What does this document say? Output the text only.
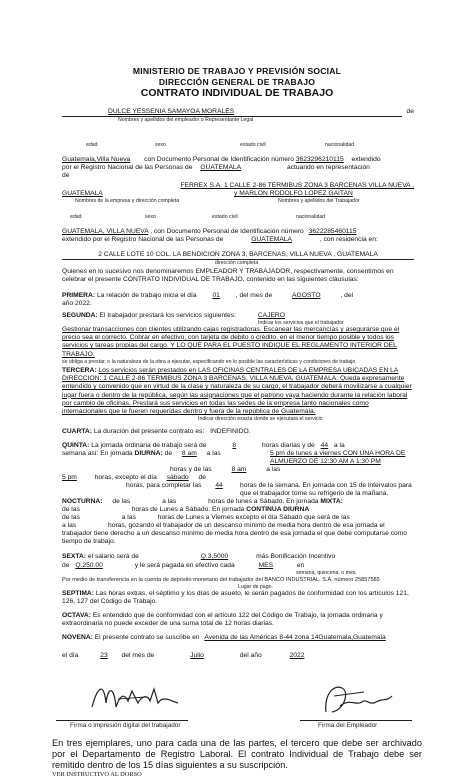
MINISTERIO DE TRABAJO Y PREVISIÓN SOCIAL
DIRECCIÓN GENERAL DE TRABAJO
CONTRATO INDIVIDUAL DE TRABAJO
DULCE YESSENIA SAMAYOA MORALES	de
Nombres y apellidos del empleador o Representante Legal
edad	sexo	estado civil	nacionalidad
Guatemala,Villa Nueva con Documento Personal de Identificación número 3623296210115 extendido
por el Registro Nacional de las Personas de GUATEMALA	actuando en representación
de
FERREX S.A. 1 CALLE 2-86 TERMIBUS ZONA 3 BARCENAS VILLA NUEVA ,
GUATEMALA	y MARLON RODOLFO LOPEZ GAITAN
Nombres de la empresa y dirección completa	Nombres y apellidos del Trabajador
edad	sexo	estado civil	nacionalidad
GUATEMALA, VILLA NUEVA , con Documento Personal de Identificación número 3622285460115
extendido por el Registro Nacional de las Personas de	GUATEMALA	, con residencia en:
2 CALLE LOTE 10 COL. LA BENDICIÓN ZONA 3, BARCENAS, VILLA NUEVA , GUATEMALA
dirección completa
Quienes en lo sucesivo nos denominaremos EMPLEADOR Y TRABAJADOR, respectivamente, consentimos en celebrar el presente CONTRATO INDIVIDUAL DE TRABAJO, contenido en las siguientes cláusulas:
PRIMERA: La relación de trabajo inicia el día 01 , del mes de	AGOSTO	, del
año 2022.
SEGUNDA: El trabajador prestará los servicios siguientes:	CAJERO
Indicar los servicios que el trabajador
Gestionar transacciones con clientes utilizando cajas registradoras. Escanear las mercancías y asegurarse que el precio sea el correcto. Cobrar en efectivo, con tarjeta de debito o crédito, en el menor tiempo posible y todos los servicios y tareas propias del cargo. Y LO QUE PARA EL PUESTO INDIQUE EL REGLAMENTO INTERIOR DEL TRABAJO.
se obliga a prestar, o la naturaleza de la obra a ejecutar, especificando en lo posible las características y condiciones de trabajo.
TERCERA: Los servicios serán prestados en LAS OFICINAS CENTRALES DE LA EMPRESA UBICADAS EN LA DIRECCION: 1 CALLE 2-86 TERMIBUS ZONA 3 BARCENAS, VILLA NUEVA, GUATEMALA. Queda expresamente entendido y convenido que en virtud de la clase y naturaleza de su cargo, el trabajador deberá movilizarse a cualquier lugar fuera o dentro de la república, según las asignaciones que el patrono vaya haciendo durante la relación laboral por cambio de oficinas. Prestará sus servicios en todas las sedes de la empresa tanto nacionales como internacionales que le fueren requeridas dentro y fuera de la república de Guatemala.
Indicar dirección exacta donde se ejecutara el servicio
CUARTA: La duración del presente contrato es: INDEFINIDO.
QUINTA: La jornada ordinaria de trabajo será de	8	horas diarias y de 44 a la
semana así: En jornada DIURNA: de 8 am a las	5 pm de lunes a viernes CON UNA HORA DE ALMUERZO DE 12:30 AM A 1:30 PM
horas y de las	8 am	a las
5 pm	horas, excepto el día sábado de
horas, para completar las 44	horas de la semana. En jornada con 15 de intervalos para que el trabajador tome su refrigerio de la mañana.
NOCTURNA: de las	a las	horas de lunes a Sábado. En jornada MIXTA:
de las	horas de Lunes a Sábado. En jornada CONTINUA DIURNA
de las	a las	horas de Lunes a Viernes excepto el día Sábado que será de las
a las	horas, gozando el trabajador de un descanso mínimo de media hora dentro de esa jornada el trabajador tiene derecho a un descanso mínimo de media hora dentro de esa jornada el que debe computarse como tiempo de trabajo.
SEXTA: el salario será de	Q.3,5000	más Bonificación Incentivo
de Q.250.00	y le será pagada en efectivo cada	MES	en
semana, quincena, o mes.
Por medio de transferencia en la cuenta de depósito monetario del trabajador del BANCO INDUSTRIAL, S.A. número 25857585
Lugar de pago.
SEPTIMA: Las horas extras, el séptimo y los días de asueto, le serán pagados de conformidad con los artículos 121, 126, 127 del Código de Trabajo.
OCTAVA: Es entendido que de conformidad con el artículo 122 del Código de Trabajo, la jornada ordinaria y extraordinaria no puede exceder de una suma total de 12 horas diarias.
NOVENA: El presente contrato se suscribe en Avenida de las Américas 8-44 zona 14Guatemala,Guatemala
el día	23 del mes de	Julio	del año	2022
Firma o impresión digital del trabajador	Firma del Empleador
En tres ejemplares, uno para cada una de las partes, el tercero que debe ser archivado por el Departamento de Registro Laboral. El contrato Individual de Trabajo debe ser remitido dentro de los 15 días siguientes a su suscripción.
VER INSTRUCTIVO AL DORSO
